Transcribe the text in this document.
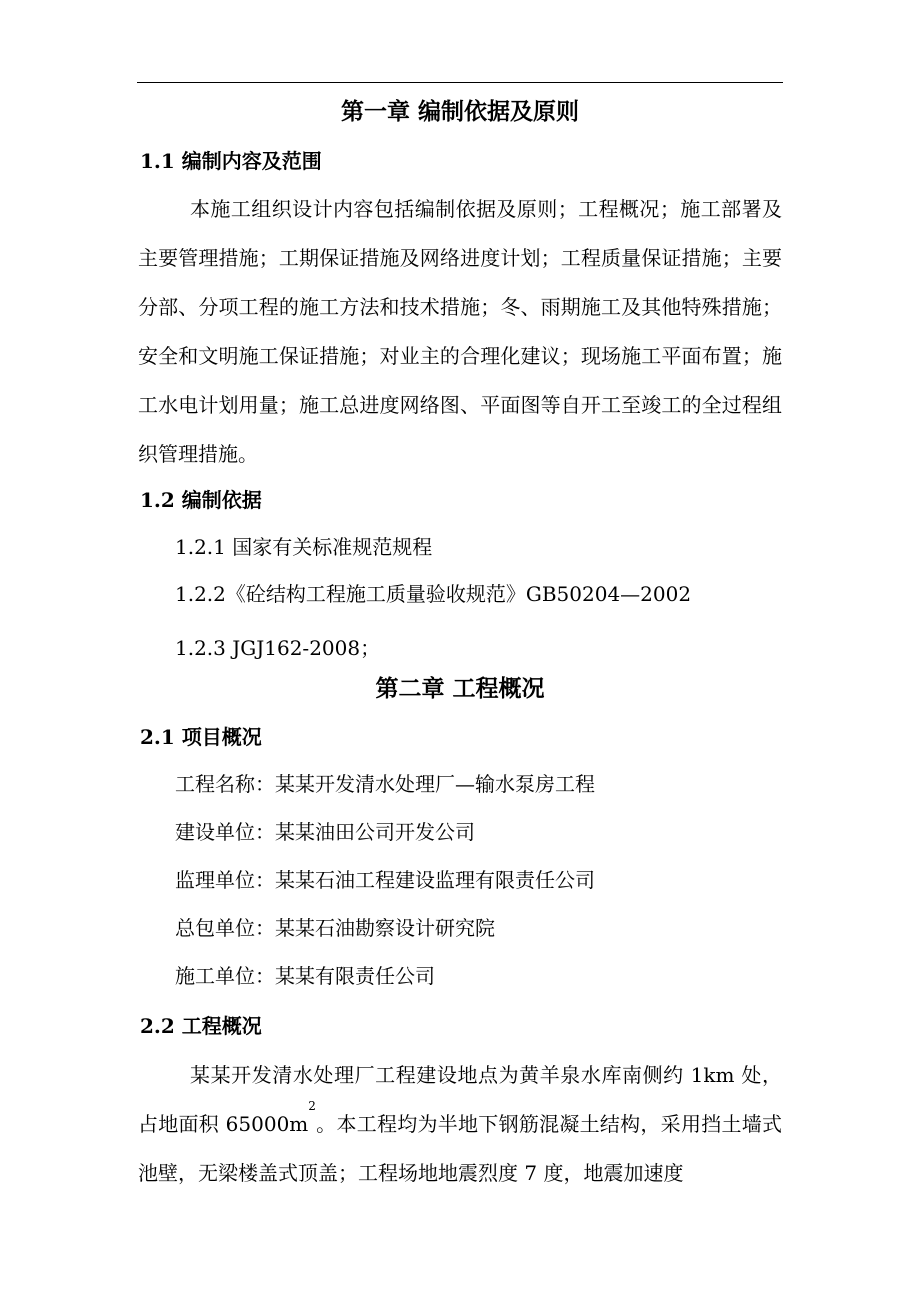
第一章 编制依据及原则
1.1 编制内容及范围

本施工组织设计内容包括编制依据及原则；工程概况；施工部署及主要管理措施；工期保证措施及网络进度计划；工程质量保证措施；主要分部、分项工程的施工方法和技术措施；冬、雨期施工及其他特殊措施；安全和文明施工保证措施；对业主的合理化建议；现场施工平面布置；施工水电计划用量；施工总进度网络图、平面图等自开工至竣工的全过程组织管理措施。

1.2 编制依据
1.2.1 国家有关标准规范规程
1.2.2《砼结构工程施工质量验收规范》GB50204—2002
1.2.3 JGJ162-2008；
第二章 工程概况
2.1 项目概况
工程名称：某某开发清水处理厂—输水泵房工程
建设单位：某某油田公司开发公司
监理单位：某某石油工程建设监理有限责任公司
总包单位：某某石油勘察设计研究院
施工单位：某某有限责任公司
2.2 工程概况

某某开发清水处理厂工程建设地点为黄羊泉水库南侧约 1km 处，占地面积 $65000m^2$。本工程均为半地下钢筋混凝土结构，采用挡土墙式池壁，无梁楼盖式顶盖；工程场地地震烈度 7 度，地震加速度
